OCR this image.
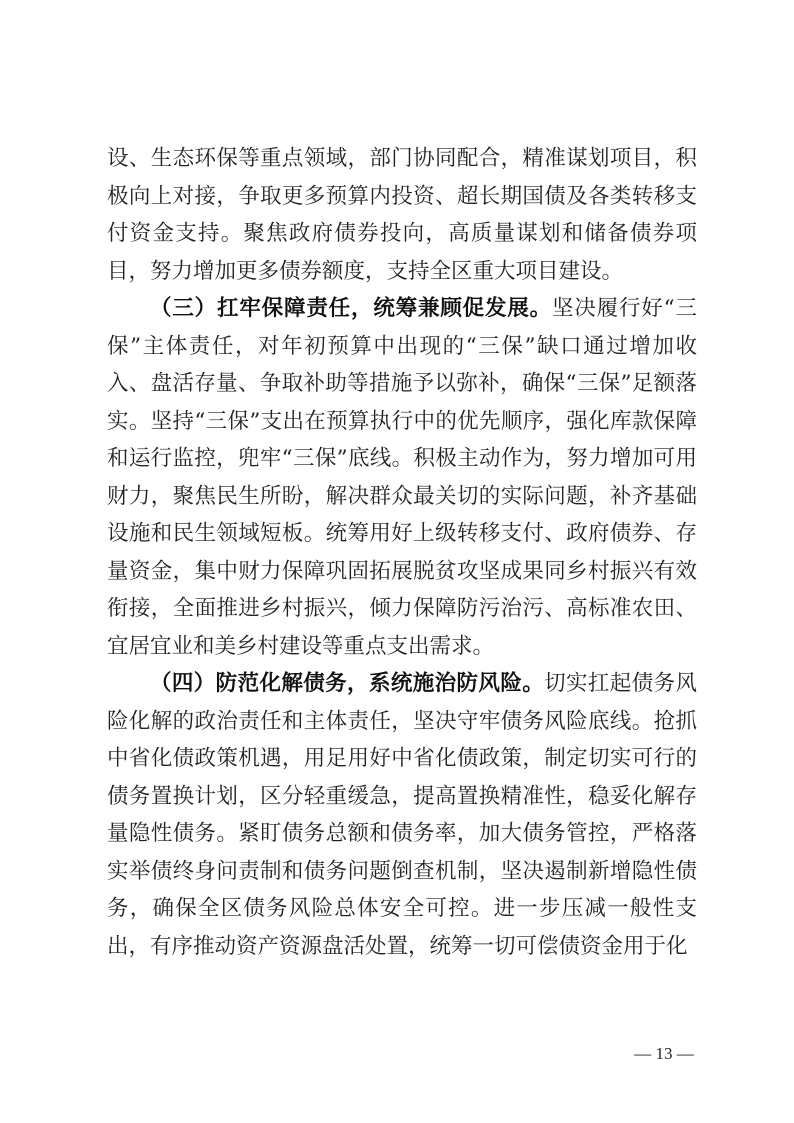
设、生态环保等重点领域，部门协同配合，精准谋划项目，积极向上对接，争取更多预算内投资、超长期国债及各类转移支付资金支持。聚焦政府债券投向，高质量谋划和储备债券项目，努力增加更多债券额度，支持全区重大项目建设。

（三）扛牢保障责任，统筹兼顾促发展。坚决履行好“三保”主体责任，对年初预算中出现的“三保”缺口通过增加收入、盘活存量、争取补助等措施予以弥补，确保“三保”足额落实。坚持“三保”支出在预算执行中的优先顺序，强化库款保障和运行监控，兜牢“三保”底线。积极主动作为，努力增加可用财力，聚焦民生所盼，解决群众最关切的实际问题，补齐基础设施和民生领域短板。统筹用好上级转移支付、政府债券、存量资金，集中财力保障巩固拓展脱贫攻坚成果同乡村振兴有效衔接，全面推进乡村振兴，倾力保障防污治污、高标准农田、宜居宜业和美乡村建设等重点支出需求。

（四）防范化解债务，系统施治防风险。切实扛起债务风险化解的政治责任和主体责任，坚决守牢债务风险底线。抢抓中省化债政策机遇，用足用好中省化债政策，制定切实可行的债务置换计划，区分轻重缓急，提高置换精准性，稳妥化解存量隐性债务。紧盯债务总额和债务率，加大债务管控，严格落实举债终身问责制和债务问题倒查机制，坚决遏制新增隐性债务，确保全区债务风险总体安全可控。进一步压减一般性支出，有序推动资产资源盘活处置，统筹一切可偿债资金用于化

— 13 —
